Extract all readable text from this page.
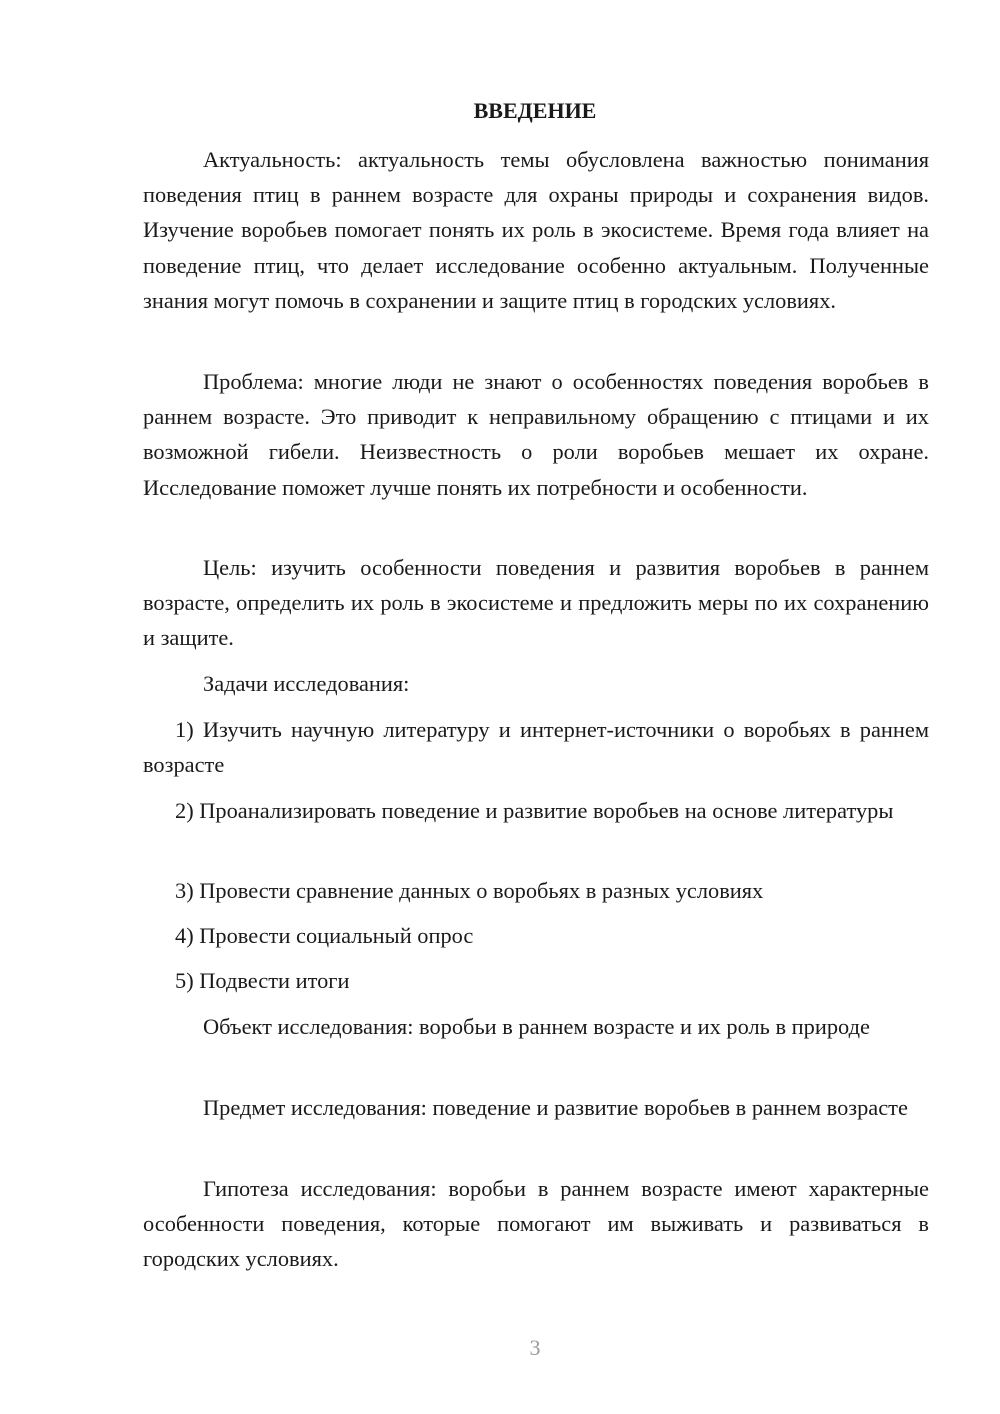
ВВЕДЕНИЕ

Актуальность: актуальность темы обусловлена важностью понимания поведения птиц в раннем возрасте для охраны природы и сохранения видов. Изучение воробьев помогает понять их роль в экосистеме. Время года влияет на поведение птиц, что делает исследование особенно актуальным. Полученные знания могут помочь в сохранении и защите птиц в городских условиях.

Проблема: многие люди не знают о особенностях поведения воробьев в раннем возрасте. Это приводит к неправильному обращению с птицами и их возможной гибели. Неизвестность о роли воробьев мешает их охране. Исследование поможет лучше понять их потребности и особенности.

Цель: изучить особенности поведения и развития воробьев в раннем возрасте, определить их роль в экосистеме и предложить меры по их сохранению и защите.

Задачи исследования:

1) Изучить научную литературу и интернет-источники о воробьях в раннем возрасте

2) Проанализировать поведение и развитие воробьев на основе литературы

3) Провести сравнение данных о воробьях в разных условиях

4) Провести социальный опрос

5) Подвести итоги

Объект исследования: воробьи в раннем возрасте и их роль в природе

Предмет исследования: поведение и развитие воробьев в раннем возрасте

Гипотеза исследования: воробьи в раннем возрасте имеют характерные особенности поведения, которые помогают им выживать и развиваться в городских условиях.

3
